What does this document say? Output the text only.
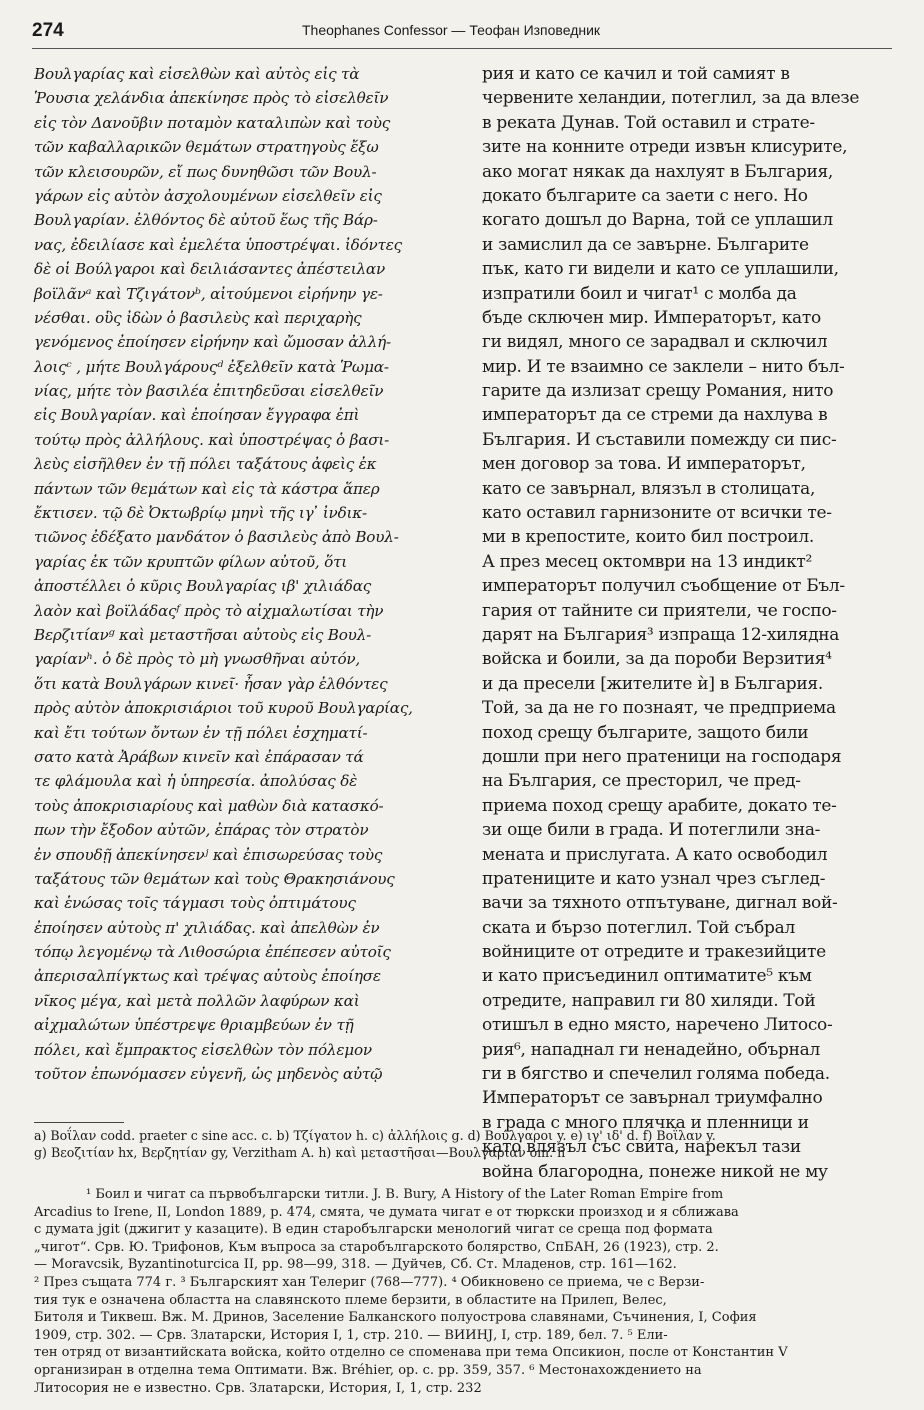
274	Theophanes Confessor — Теофан Изповедник
Βουλγαρίας καὶ εἰσελθὼν καὶ αὐτὸς εἰς τὰ
Ῥουσια χελάνδια ἀπεκίνησε πρὸς τὸ εἰσελθεῖν
εἰς τὸν Δανοῦβιν ποταμὸν καταλιπὼν καὶ τοὺς
τῶν καβαλλαρικῶν θεμάτων στρατηγοὺς ἔξω
τῶν κλεισουρῶν, εἴ πως δυνηθῶσι τῶν Βουλ-
γάρων εἰς αὐτὸν ἀσχολουμένων εἰσελθεῖν εἰς
Βουλγαρίαν. ἐλθόντος δὲ αὐτοῦ ἕως τῆς Βάρ-
νας, ἐδειλίασε καὶ ἐμελέτα ὑποστρέψαι. ἰδόντες
δὲ οἱ Βούλγαροι καὶ δειλιάσαντες ἀπέστειλαν
βοϊλᾶνᵃ καὶ Τζιγάτονᵇ, αἰτούμενοι εἰρήνην γε-
νέσθαι. οὓς ἰδὼν ὁ βασιλεὺς καὶ περιχαρὴς
γενόμενος ἐποίησεν εἰρήνην καὶ ὤμοσαν ἀλλή-
λοιςᶜ , μήτε Βουλγάρουςᵈ ἐξελθεῖν κατὰ Ῥωμα-
νίας, μήτε τὸν βασιλέα ἐπιτηδεῦσαι εἰσελθεῖν
εἰς Βουλγαρίαν. καὶ ἐποίησαν ἔγγραφα ἐπὶ
τούτῳ πρὸς ἀλλήλους. καὶ ὑποστρέψας ὁ βασι-
λεὺς εἰσῆλθεν ἐν τῇ πόλει ταξάτους ἀφεὶς ἐκ
πάντων τῶν θεμάτων καὶ εἰς τὰ κάστρα ἅπερ
ἔκτισεν. τῷ δὲ Ὀκτωβρίῳ μηνὶ τῆς ιγ ̓ ἰνδικ-
τιῶνος ἐδέξατο μανδάτον ὁ βασιλεὺς ἀπὸ Βουλ-
γαρίας ἐκ τῶν κρυπτῶν φίλων αὐτοῦ, ὅτι
ἀποστέλλει ὁ κῦρις Βουλγαρίας ιβ' χιλιάδας
λαὸν καὶ βοϊλάδαςᶠ πρὸς τὸ αἰχμαλωτίσαι τὴν
Βερζιτίανᵍ καὶ μεταστῆσαι αὐτοὺς εἰς Βουλ-
γαρίανʰ. ὁ δὲ πρὸς τὸ μὴ γνωσθῆναι αὐτόν,
ὅτι κατὰ Βουλγάρων κινεῖ· ἦσαν γὰρ ἐλθόντες
πρὸς αὐτὸν ἀποκρισιάριοι τοῦ κυροῦ Βουλγαρίας,
καὶ ἔτι τούτων ὄντων ἐν τῇ πόλει ἐσχηματί-
σατο κατὰ Ἀράβων κινεῖν καὶ ἐπάρασαν τά
τε φλάμουλα καὶ ἡ ὑπηρεσία. ἀπολύσας δὲ
τοὺς ἀποκρισιαρίους καὶ μαθὼν διὰ κατασκό-
πων τὴν ἔξοδον αὐτῶν, ἐπάρας τὸν στρατὸν
ἐν σπουδῇ ἀπεκίνησενʲ καὶ ἐπισωρεύσας τοὺς
ταξάτους τῶν θεμάτων καὶ τοὺς Θρακησιάνους
καὶ ἑνώσας τοῖς τάγμασι τοὺς ὀπτιμάτους
ἐποίησεν αὐτοὺς π' χιλιάδας. καὶ ἀπελθὼν ἐν
τόπῳ λεγομένῳ τὰ Λιθοσώρια ἐπέπεσεν αὐτοῖς
ἀπερισαλπίγκτως καὶ τρέψας αὐτοὺς ἐποίησε
νῖκος μέγα, καὶ μετὰ πολλῶν λαφύρων καὶ
αἰχμαλώτων ὑπέστρεψε θριαμβεύων ἐν τῇ
πόλει, καὶ ἔμπρακτος εἰσελθὼν τὸν πόλεμον
τοῦτον ἐπωνόμασεν εὐγενῆ, ὡς μηδενὸς αὐτῷ
рия и като се качил и той самият в
червените хеландии, потеглил, за да влезе
в реката Дунав. Той оставил и страте-
зите на конните отреди извън клисурите,
ако могат някак да нахлуят в България,
докато българите са заети с него. Но
когато дошъл до Варна, той се уплашил
и замислил да се завърне. Българите
пък, като ги видели и като се уплашили,
изпратили боил и чигат¹ с молба да
бъде сключен мир. Императорът, като
ги видял, много се зарадвал и сключил
мир. И те взаимно се заклели – нито бъл-
гарите да излизат срещу Романия, нито
императорът да се стреми да нахлува в
България. И съставили помежду си пис-
мен договор за това. И императорът,
като се завърнал, влязъл в столицата,
като оставил гарнизоните от всички те-
ми в крепостите, които бил построил.
А през месец октомври на 13 индикт²
императорът получил съобщение от Бъл-
гария от тайните си приятели, че госпо-
дарят на България³ изпраща 12-хилядна
войска и боили, за да пороби Верзития⁴
и да пресели [жителите ѝ] в България.
Той, за да не го познаят, че предприема
поход срещу българите, защото били
дошли при него пратеници на господаря
на България, се престорил, че пред-
приема поход срещу арабите, докато те-
зи още били в града. И потеглили зна-
мената и прислугата. А като освободил
пратениците и като узнал чрез съглед-
вачи за тяхното отпътуване, дигнал вой-
ската и бързо потеглил. Той събрал
войниците от отредите и тракезийците
и като присъединил оптиматите⁵ към
отредите, направил ги 80 хиляди. Той
отишъл в едно място, наречено Литосо-
рия⁶, нападнал ги ненадейно, обърнал
ги в бягство и спечелил голяма победа.
Императорът се завърнал триумфално
в града с много плячка и пленници и
като влязъл със свита, нарекъл тази
война благородна, понеже никой не му
a) Βοΐλαν codd. praeter c sine acc. c. b) Τζίγατον h. c) ἀλλήλοις g. d) Βούλγαροι y. e) ιγ' ιδ' d. f) Βοΐλαν y.
g) Βεοζιτίαν hx, Βερζητίαν gy, Verzitham A. h) καὶ μεταστῆσαι—Βουλγαρίαν om. h
¹ Боил и чигат са първобългарски титли. J. B. Bury, A History of the Later Roman Empire from
Arcadius to Irene, II, London 1889, p. 474, смята, че думата чигат е от тюркски произход и я сближава
с думата jgit (джигит у казаците). В един старобългарски менологий чигат се среща под формата
„чигот“. Срв. Ю. Трифонов, Към въпроса за старобългарското болярство, СпБАН, 26 (1923), стр. 2.
— Moravcsik, Byzantinoturcica II, pp. 98—99, 318. — Дуйчев, Сб. Ст. Младенов, стр. 161—162.
² През същата 774 г. ³ Българският хан Телериг (768—777). ⁴ Обикновено се приема, че с Верзи-
тия тук е означена областта на славянското племе берзити, в областите на Прилеп, Велес,
Битоля и Тиквеш. Вж. М. Дринов, Заселение Балканского полуострова славянами, Съчинения, I, София
1909, стр. 302. — Срв. Златарски, История I, 1, стр. 210. — ВИИНЈ, I, стр. 189, бел. 7. ⁵ Ели-
тен отряд от византийската войска, който отделно се споменава при тема Опсикион, после от Константин V
организиран в отделна тема Оптимати. Вж. Bréhier, op. c. pp. 359, 357. ⁶ Местонахождението на
Литосория не е известно. Срв. Златарски, История, I, 1, стр. 232
